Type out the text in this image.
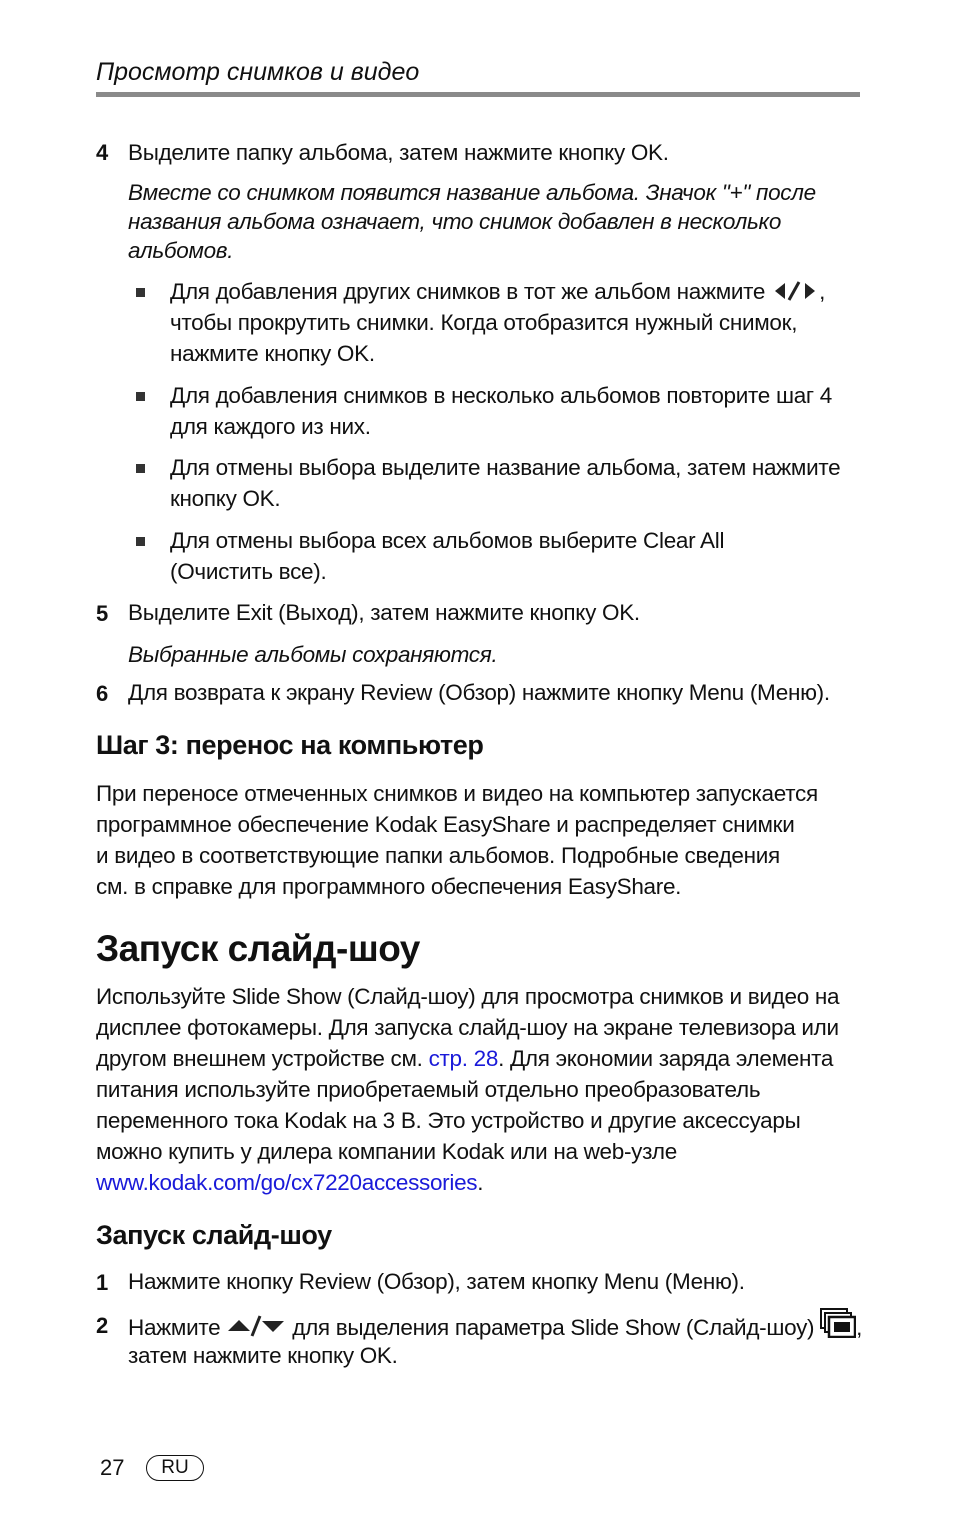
Просмотр снимков и видео
4 Выделите папку альбома, затем нажмите кнопку OK.
Вместе со снимком появится название альбома. Значок "+" после
названия альбома означает, что снимок добавлен в несколько
альбомов.
Для добавления других снимков в тот же альбом нажмите ,
чтобы прокрутить снимки. Когда отобразится нужный снимок,
нажмите кнопку OK.
Для добавления снимков в несколько альбомов повторите шаг 4
для каждого из них.
Для отмены выбора выделите название альбома, затем нажмите
кнопку OK.
Для отмены выбора всех альбомов выберите Clear All
(Очистить все).
5 Выделите Exit (Выход), затем нажмите кнопку OK.
Выбранные альбомы сохраняются.
6 Для возврата к экрану Review (Обзор) нажмите кнопку Menu (Меню).
Шаг 3: перенос на компьютер
При переносе отмеченных снимков и видео на компьютер запускается
программное обеспечение Kodak EasyShare и распределяет снимки
и видео в соответствующие папки альбомов. Подробные сведения
см. в справке для программного обеспечения EasyShare.
Запуск слайд-шоу
Используйте Slide Show (Слайд-шоу) для просмотра снимков и видео на
дисплее фотокамеры. Для запуска слайд-шоу на экране телевизора или
другом внешнем устройстве см. стр. 28. Для экономии заряда элемента
питания используйте приобретаемый отдельно преобразователь
переменного тока Kodak на 3 В. Это устройство и другие аксессуары
можно купить у дилера компании Kodak или на web-узле
www.kodak.com/go/cx7220accessories.
Запуск слайд-шоу
1 Нажмите кнопку Review (Обзор), затем кнопку Menu (Меню).
2 Нажмите	для выделения параметра Slide Show (Слайд-шоу) ,
затем нажмите кнопку OK.
27	RU
